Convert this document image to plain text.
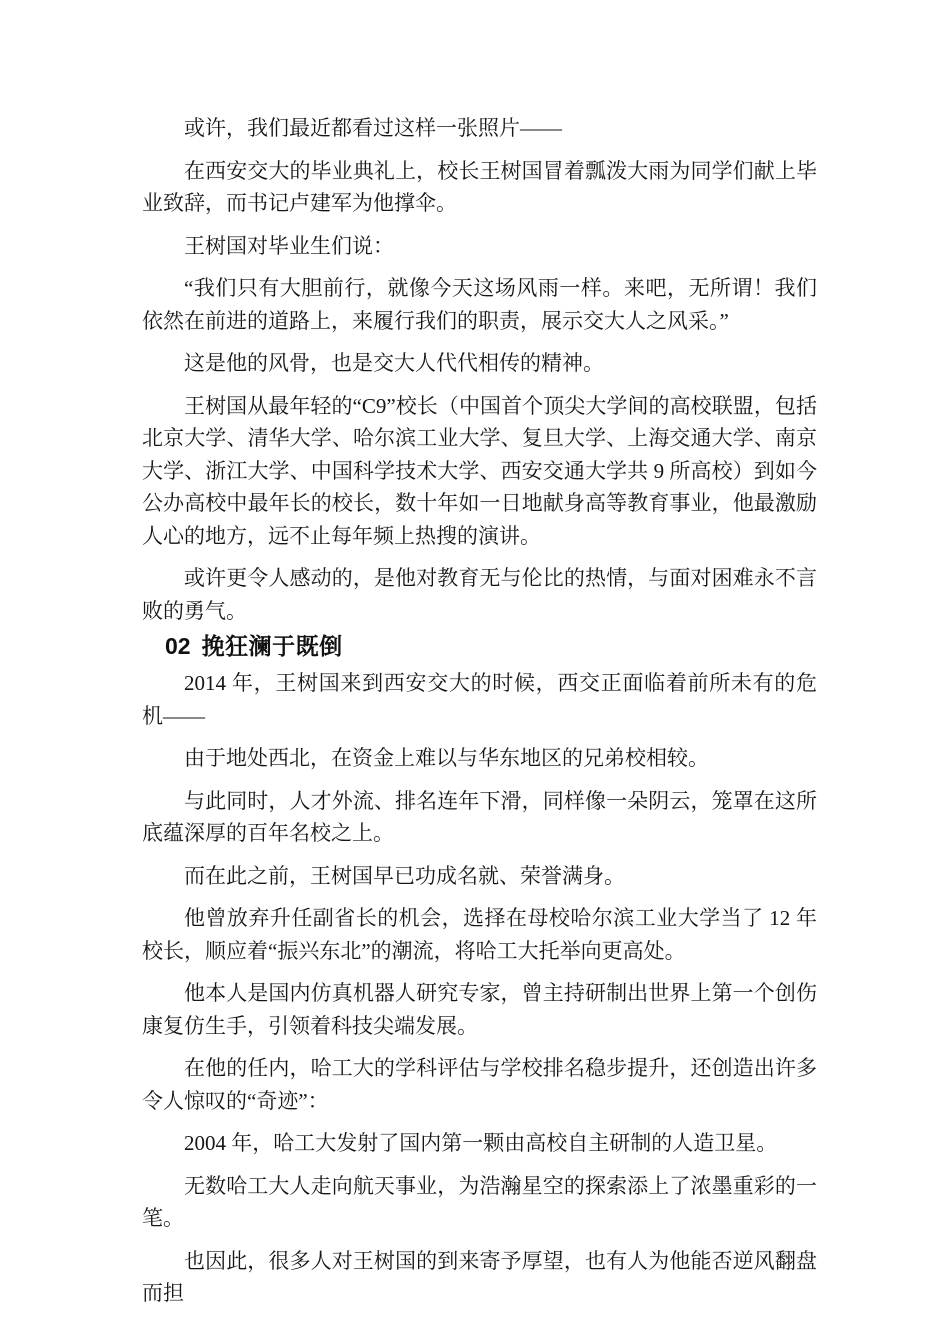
或许，我们最近都看过这样一张照片——

在西安交大的毕业典礼上，校长王树国冒着瓢泼大雨为同学们献上毕业致辞，而书记卢建军为他撑伞。

王树国对毕业生们说：

“我们只有大胆前行，就像今天这场风雨一样。来吧，无所谓！我们依然在前进的道路上，来履行我们的职责，展示交大人之风采。”

这是他的风骨，也是交大人代代相传的精神。

王树国从最年轻的“C9”校长（中国首个顶尖大学间的高校联盟，包括北京大学、清华大学、哈尔滨工业大学、复旦大学、上海交通大学、南京大学、浙江大学、中国科学技术大学、西安交通大学共 9 所高校）到如今公办高校中最年长的校长，数十年如一日地献身高等教育事业，他最激励人心的地方，远不止每年频上热搜的演讲。

或许更令人感动的，是他对教育无与伦比的热情，与面对困难永不言败的勇气。

02 挽狂澜于既倒

2014 年，王树国来到西安交大的时候，西交正面临着前所未有的危机——

由于地处西北，在资金上难以与华东地区的兄弟校相较。

与此同时，人才外流、排名连年下滑，同样像一朵阴云，笼罩在这所底蕴深厚的百年名校之上。

而在此之前，王树国早已功成名就、荣誉满身。

他曾放弃升任副省长的机会，选择在母校哈尔滨工业大学当了 12 年校长，顺应着“振兴东北”的潮流，将哈工大托举向更高处。

他本人是国内仿真机器人研究专家，曾主持研制出世界上第一个创伤康复仿生手，引领着科技尖端发展。

在他的任内，哈工大的学科评估与学校排名稳步提升，还创造出许多令人惊叹的“奇迹”：

2004 年，哈工大发射了国内第一颗由高校自主研制的人造卫星。

无数哈工大人走向航天事业，为浩瀚星空的探索添上了浓墨重彩的一笔。

也因此，很多人对王树国的到来寄予厚望，也有人为他能否逆风翻盘而担
